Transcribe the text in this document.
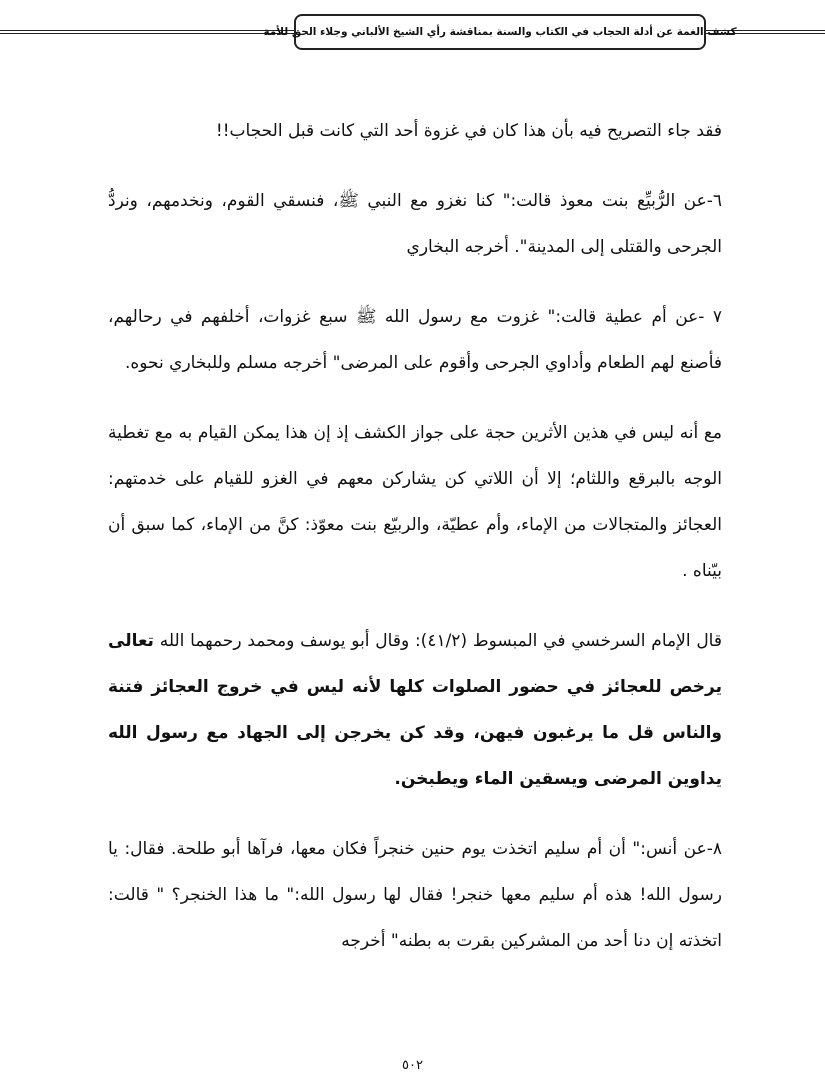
كشف الغمة عن أدلة الحجاب في الكتاب والسنة بمناقشة رأي الشيخ الألباني وجلاء الحق للأمة

فقد جاء التصريح فيه بأن هذا كان في غزوة أحد التي كانت قبل الحجاب!!

٦-عن الرُّبيِّع بنت معوذ قالت:" كنا نغزو مع النبي ﷺ، فنسقي القوم، ونخدمهم، ونردُّ الجرحى والقتلى إلى المدينة". أخرجه البخاري

٧ -عن أم عطية قالت:" غزوت مع رسول الله ﷺ سبع غزوات، أخلفهم في رحالهم، فأصنع لهم الطعام وأداوي الجرحى وأقوم على المرضى" أخرجه مسلم وللبخاري نحوه.

مع أنه ليس في هذين الأثرين حجة على جواز الكشف إذ إن هذا يمكن القيام به مع تغطية الوجه بالبرقع واللثام؛ إلا أن اللاتي كن يشاركن معهم في الغزو للقيام على خدمتهم: العجائز والمتجالات من الإماء، وأم عطيّة، والربيّع بنت معوّذ: كنَّ من الإماء، كما سبق أن بيّناه .

قال الإمام السرخسي في المبسوط (٤١/٢): وقال أبو يوسف ومحمد رحمهما الله تعالى يرخص للعجائز في حضور الصلوات كلها لأنه ليس في خروج العجائز فتنة والناس قل ما يرغبون فيهن، وقد كن يخرجن إلى الجهاد مع رسول الله يداوين المرضى ويسقين الماء ويطبخن.

٨-عن أنس:" أن أم سليم اتخذت يوم حنين خنجراً فكان معها، فرآها أبو طلحة. فقال: يا رسول الله! هذه أم سليم معها خنجر! فقال لها رسول الله:" ما هذا الخنجر؟ " قالت: اتخذته إن دنا أحد من المشركين بقرت به بطنه" أخرجه

٥٠٢
